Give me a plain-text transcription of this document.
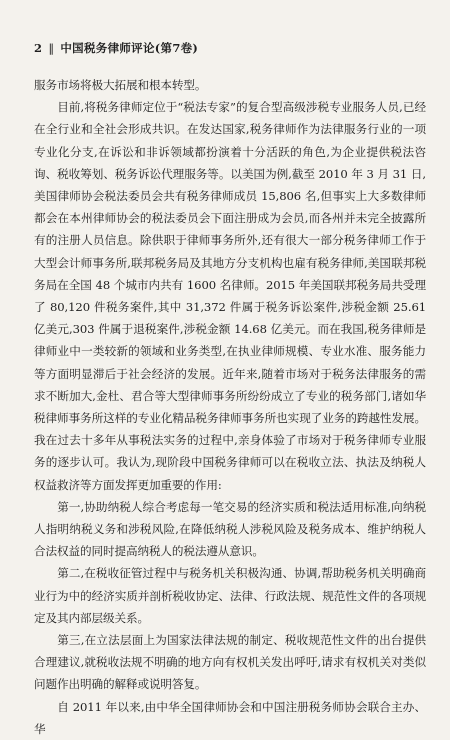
2 ‖ 中国税务律师评论(第7卷)

服务市场将极大拓展和根本转型。

目前,将税务律师定位于“税法专家”的复合型高级涉税专业服务人员,已经在全行业和全社会形成共识。在发达国家,税务律师作为法律服务行业的一项专业化分支,在诉讼和非诉领域都扮演着十分活跃的角色,为企业提供税法咨询、税收筹划、税务诉讼代理服务等。以美国为例,截至 2010 年 3 月 31 日,美国律师协会税法委员会共有税务律师成员 15,806 名,但事实上大多数律师都会在本州律师协会的税法委员会下面注册成为会员,而各州并未完全披露所有的注册人员信息。除供职于律师事务所外,还有很大一部分税务律师工作于大型会计师事务所,联邦税务局及其地方分支机构也雇有税务律师,美国联邦税务局在全国 48 个城市内共有 1600 名律师。2015 年美国联邦税务局共受理了 80,120 件税务案件,其中 31,372 件属于税务诉讼案件,涉税金额 25.61 亿美元,303 件属于退税案件,涉税金额 14.68 亿美元。而在我国,税务律师是律师业中一类较新的领域和业务类型,在执业律师规模、专业水准、服务能力等方面明显滞后于社会经济的发展。近年来,随着市场对于税务法律服务的需求不断加大,金杜、君合等大型律师事务所纷纷成立了专业的税务部门,诸如华税律师事务所这样的专业化精品税务律师事务所也实现了业务的跨越性发展。我在过去十多年从事税法实务的过程中,亲身体验了市场对于税务律师专业服务的逐步认可。我认为,现阶段中国税务律师可以在税收立法、执法及纳税人权益救济等方面发挥更加重要的作用:

第一,协助纳税人综合考虑每一笔交易的经济实质和税法适用标准,向纳税人指明纳税义务和涉税风险,在降低纳税人涉税风险及税务成本、维护纳税人合法权益的同时提高纳税人的税法遵从意识。

第二,在税收征管过程中与税务机关积极沟通、协调,帮助税务机关明确商业行为中的经济实质并剖析税收协定、法律、行政法规、规范性文件的各项规定及其内部层级关系。

第三,在立法层面上为国家法律法规的制定、税收规范性文件的出台提供合理建议,就税收法规不明确的地方向有权机关发出呼吁,请求有权机关对类似问题作出明确的解释或说明答复。

自 2011 年以来,由中华全国律师协会和中国注册税务师协会联合主办、华
